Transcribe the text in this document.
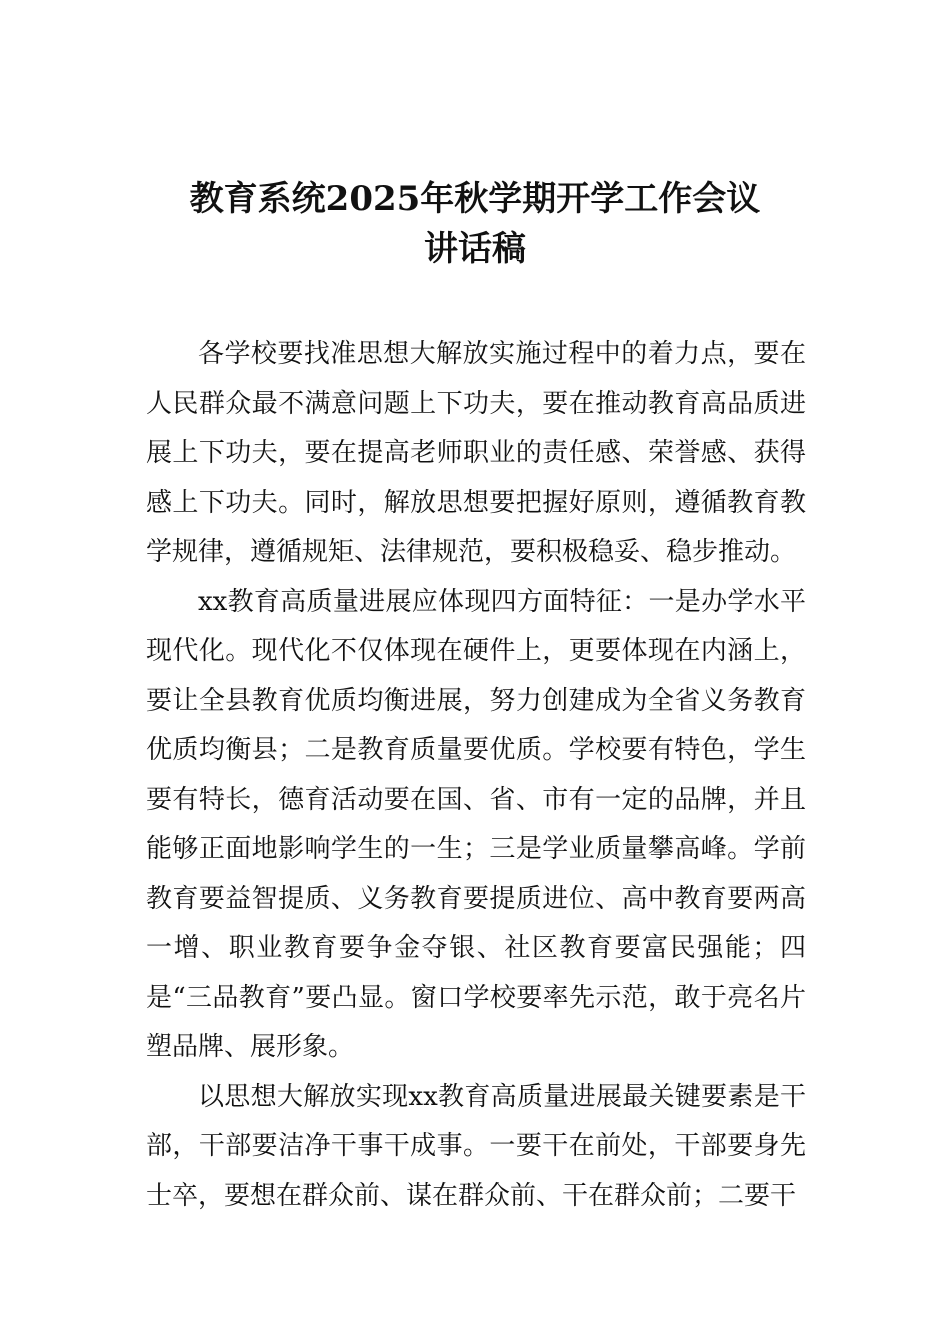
教育系统2025年秋学期开学工作会议
讲话稿

各学校要找准思想大解放实施过程中的着力点，要在人民群众最不满意问题上下功夫，要在推动教育高品质进展上下功夫，要在提高老师职业的责任感、荣誉感、获得感上下功夫。同时，解放思想要把握好原则，遵循教育教学规律，遵循规矩、法律规范，要积极稳妥、稳步推动。

xx教育高质量进展应体现四方面特征：一是办学水平现代化。现代化不仅体现在硬件上，更要体现在内涵上，要让全县教育优质均衡进展，努力创建成为全省义务教育优质均衡县；二是教育质量要优质。学校要有特色，学生要有特长，德育活动要在国、省、市有一定的品牌，并且能够正面地影响学生的一生；三是学业质量攀高峰。学前教育要益智提质、义务教育要提质进位、高中教育要两高一增、职业教育要争金夺银、社区教育要富民强能；四是“三品教育”要凸显。窗口学校要率先示范，敢于亮名片塑品牌、展形象。

以思想大解放实现xx教育高质量进展最关键要素是干部，干部要洁净干事干成事。一要干在前处，干部要身先士卒，要想在群众前、谋在群众前、干在群众前；二要干
